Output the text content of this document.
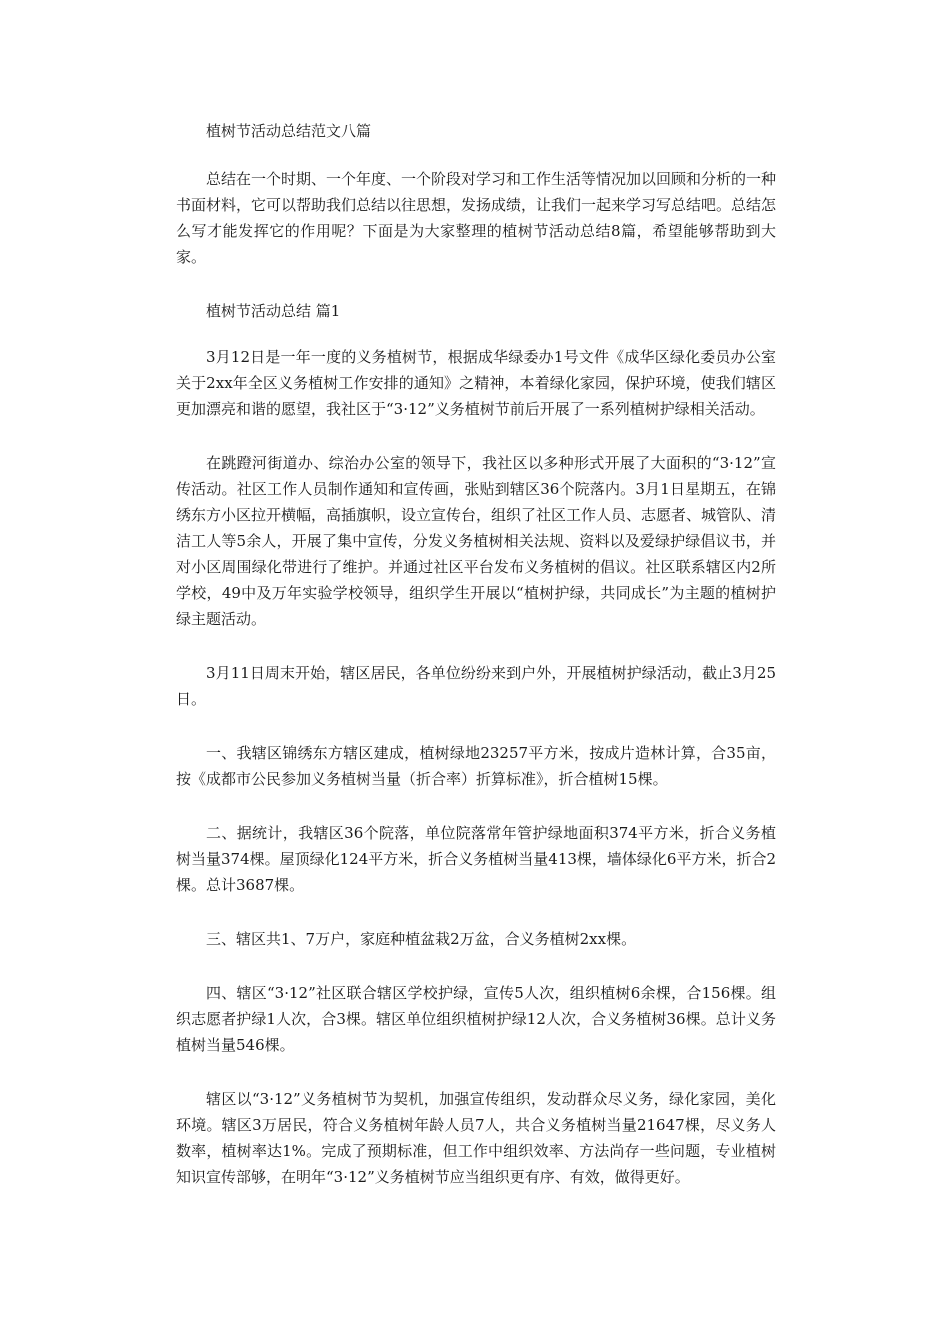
植树节活动总结范文八篇

总结在一个时期、一个年度、一个阶段对学习和工作生活等情况加以回顾和分析的一种书面材料，它可以帮助我们总结以往思想，发扬成绩，让我们一起来学习写总结吧。总结怎么写才能发挥它的作用呢？下面是为大家整理的植树节活动总结8篇，希望能够帮助到大家。

植树节活动总结 篇1

3月12日是一年一度的义务植树节，根据成华绿委办1号文件《成华区绿化委员办公室关于2xx年全区义务植树工作安排的通知》之精神，本着绿化家园，保护环境，使我们辖区更加漂亮和谐的愿望，我社区于“3·12”义务植树节前后开展了一系列植树护绿相关活动。

在跳蹬河街道办、综治办公室的领导下，我社区以多种形式开展了大面积的“3·12”宣传活动。社区工作人员制作通知和宣传画，张贴到辖区36个院落内。3月1日星期五，在锦绣东方小区拉开横幅，高插旗帜，设立宣传台，组织了社区工作人员、志愿者、城管队、清洁工人等5余人，开展了集中宣传，分发义务植树相关法规、资料以及爱绿护绿倡议书，并对小区周围绿化带进行了维护。并通过社区平台发布义务植树的倡议。社区联系辖区内2所学校，49中及万年实验学校领导，组织学生开展以“植树护绿，共同成长”为主题的植树护绿主题活动。

3月11日周末开始，辖区居民，各单位纷纷来到户外，开展植树护绿活动，截止3月25日。

一、我辖区锦绣东方辖区建成，植树绿地23257平方米，按成片造林计算，合35亩，按《成都市公民参加义务植树当量（折合率）折算标准》，折合植树15棵。

二、据统计，我辖区36个院落，单位院落常年管护绿地面积374平方米，折合义务植树当量374棵。屋顶绿化124平方米，折合义务植树当量413棵，墙体绿化6平方米，折合2棵。总计3687棵。

三、辖区共1、7万户，家庭种植盆栽2万盆，合义务植树2xx棵。

四、辖区“3·12”社区联合辖区学校护绿，宣传5人次，组织植树6余棵，合156棵。组织志愿者护绿1人次，合3棵。辖区单位组织植树护绿12人次，合义务植树36棵。总计义务植树当量546棵。

辖区以“3·12”义务植树节为契机，加强宣传组织，发动群众尽义务，绿化家园，美化环境。辖区3万居民，符合义务植树年龄人员7人，共合义务植树当量21647棵，尽义务人数率，植树率达1%。完成了预期标准，但工作中组织效率、方法尚存一些问题，专业植树知识宣传部够，在明年“3·12”义务植树节应当组织更有序、有效，做得更好。
